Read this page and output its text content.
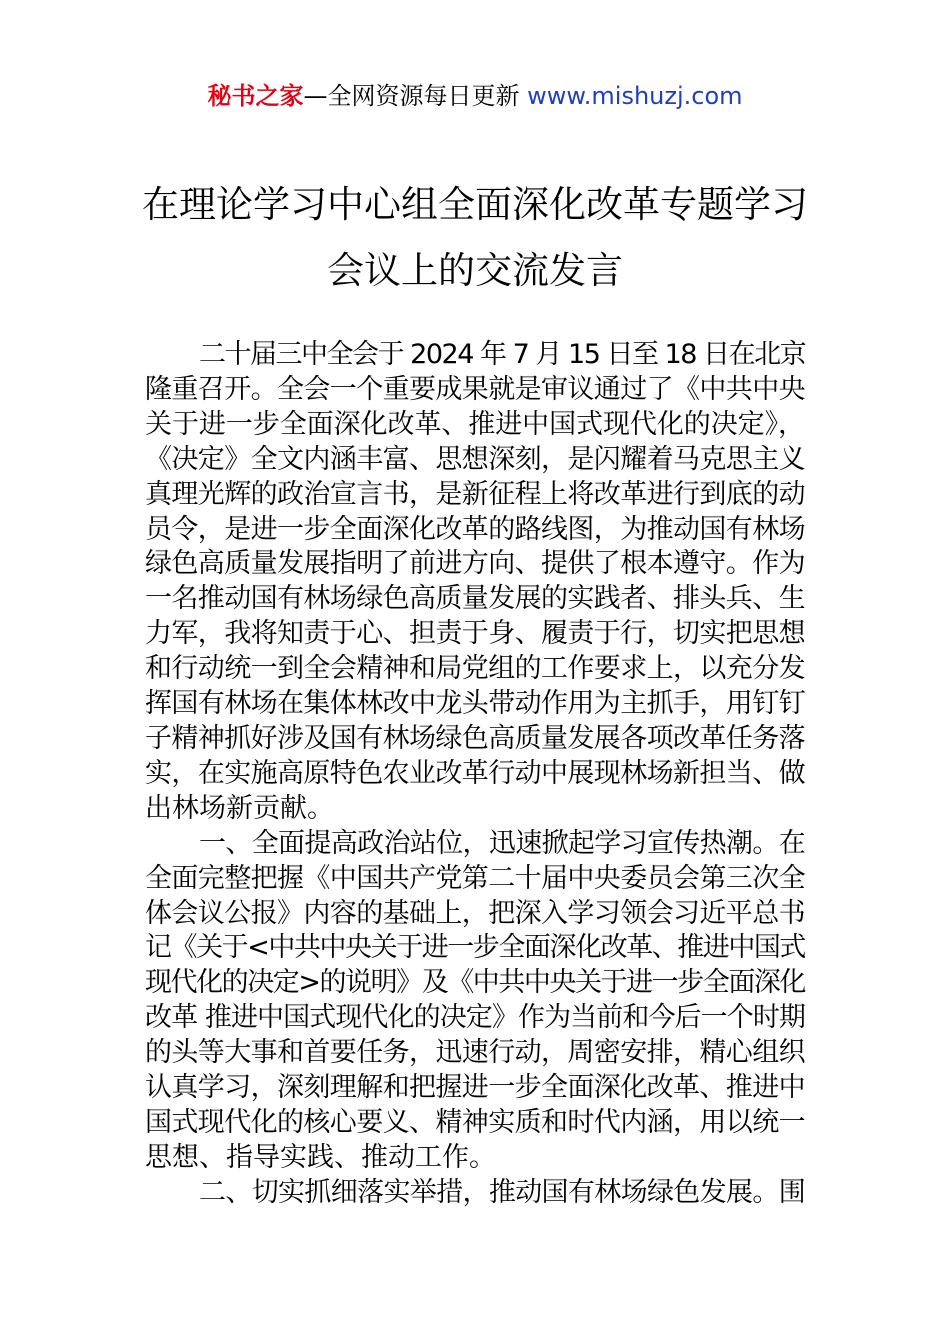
秘书之家—全网资源每日更新 www.mishuzj.com
在理论学习中心组全面深化改革专题学习
会议上的交流发言

二十届三中全会于 2024 年 7 月 15 日至 18 日在北京
隆重召开。全会一个重要成果就是审议通过了《中共中央
关于进一步全面深化改革、推进中国式现代化的决定》，
《决定》全文内涵丰富、思想深刻，是闪耀着马克思主义
真理光辉的政治宣言书，是新征程上将改革进行到底的动
员令，是进一步全面深化改革的路线图，为推动国有林场
绿色高质量发展指明了前进方向、提供了根本遵守。作为
一名推动国有林场绿色高质量发展的实践者、排头兵、生
力军，我将知责于心、担责于身、履责于行，切实把思想
和行动统一到全会精神和局党组的工作要求上，以充分发
挥国有林场在集体林改中龙头带动作用为主抓手，用钉钉
子精神抓好涉及国有林场绿色高质量发展各项改革任务落
实，在实施高原特色农业改革行动中展现林场新担当、做
出林场新贡献。

一、全面提高政治站位，迅速掀起学习宣传热潮。在
全面完整把握《中国共产党第二十届中央委员会第三次全
体会议公报》内容的基础上，把深入学习领会习近平总书
记《关于<中共中央关于进一步全面深化改革、推进中国式
现代化的决定>的说明》及《中共中央关于进一步全面深化
改革 推进中国式现代化的决定》作为当前和今后一个时期
的头等大事和首要任务，迅速行动，周密安排，精心组织
认真学习，深刻理解和把握进一步全面深化改革、推进中
国式现代化的核心要义、精神实质和时代内涵，用以统一
思想、指导实践、推动工作。

二、切实抓细落实举措，推动国有林场绿色发展。围
